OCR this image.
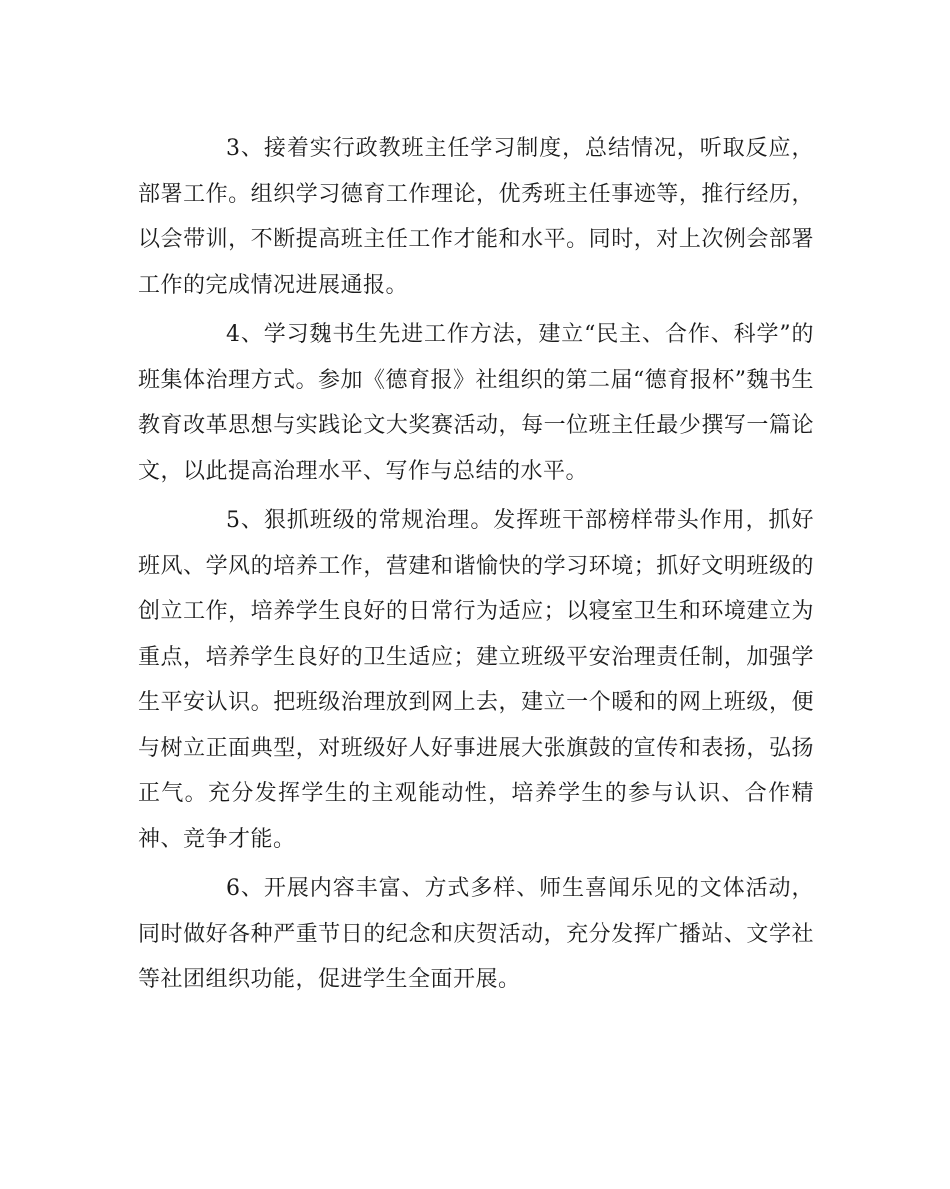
3、接着实行政教班主任学习制度，总结情况，听取反应，部署工作。组织学习德育工作理论，优秀班主任事迹等，推行经历，以会带训，不断提高班主任工作才能和水平。同时，对上次例会部署工作的完成情况进展通报。

4、学习魏书生先进工作方法，建立“民主、合作、科学”的班集体治理方式。参加《德育报》社组织的第二届“德育报杯”魏书生教育改革思想与实践论文大奖赛活动，每一位班主任最少撰写一篇论文，以此提高治理水平、写作与总结的水平。

5、狠抓班级的常规治理。发挥班干部榜样带头作用，抓好班风、学风的培养工作，营建和谐愉快的学习环境；抓好文明班级的创立工作，培养学生良好的日常行为适应；以寝室卫生和环境建立为重点，培养学生良好的卫生适应；建立班级平安治理责任制，加强学生平安认识。把班级治理放到网上去，建立一个暖和的网上班级，便与树立正面典型，对班级好人好事进展大张旗鼓的宣传和表扬，弘扬正气。充分发挥学生的主观能动性，培养学生的参与认识、合作精神、竞争才能。

6、开展内容丰富、方式多样、师生喜闻乐见的文体活动，同时做好各种严重节日的纪念和庆贺活动，充分发挥广播站、文学社等社团组织功能，促进学生全面开展。
